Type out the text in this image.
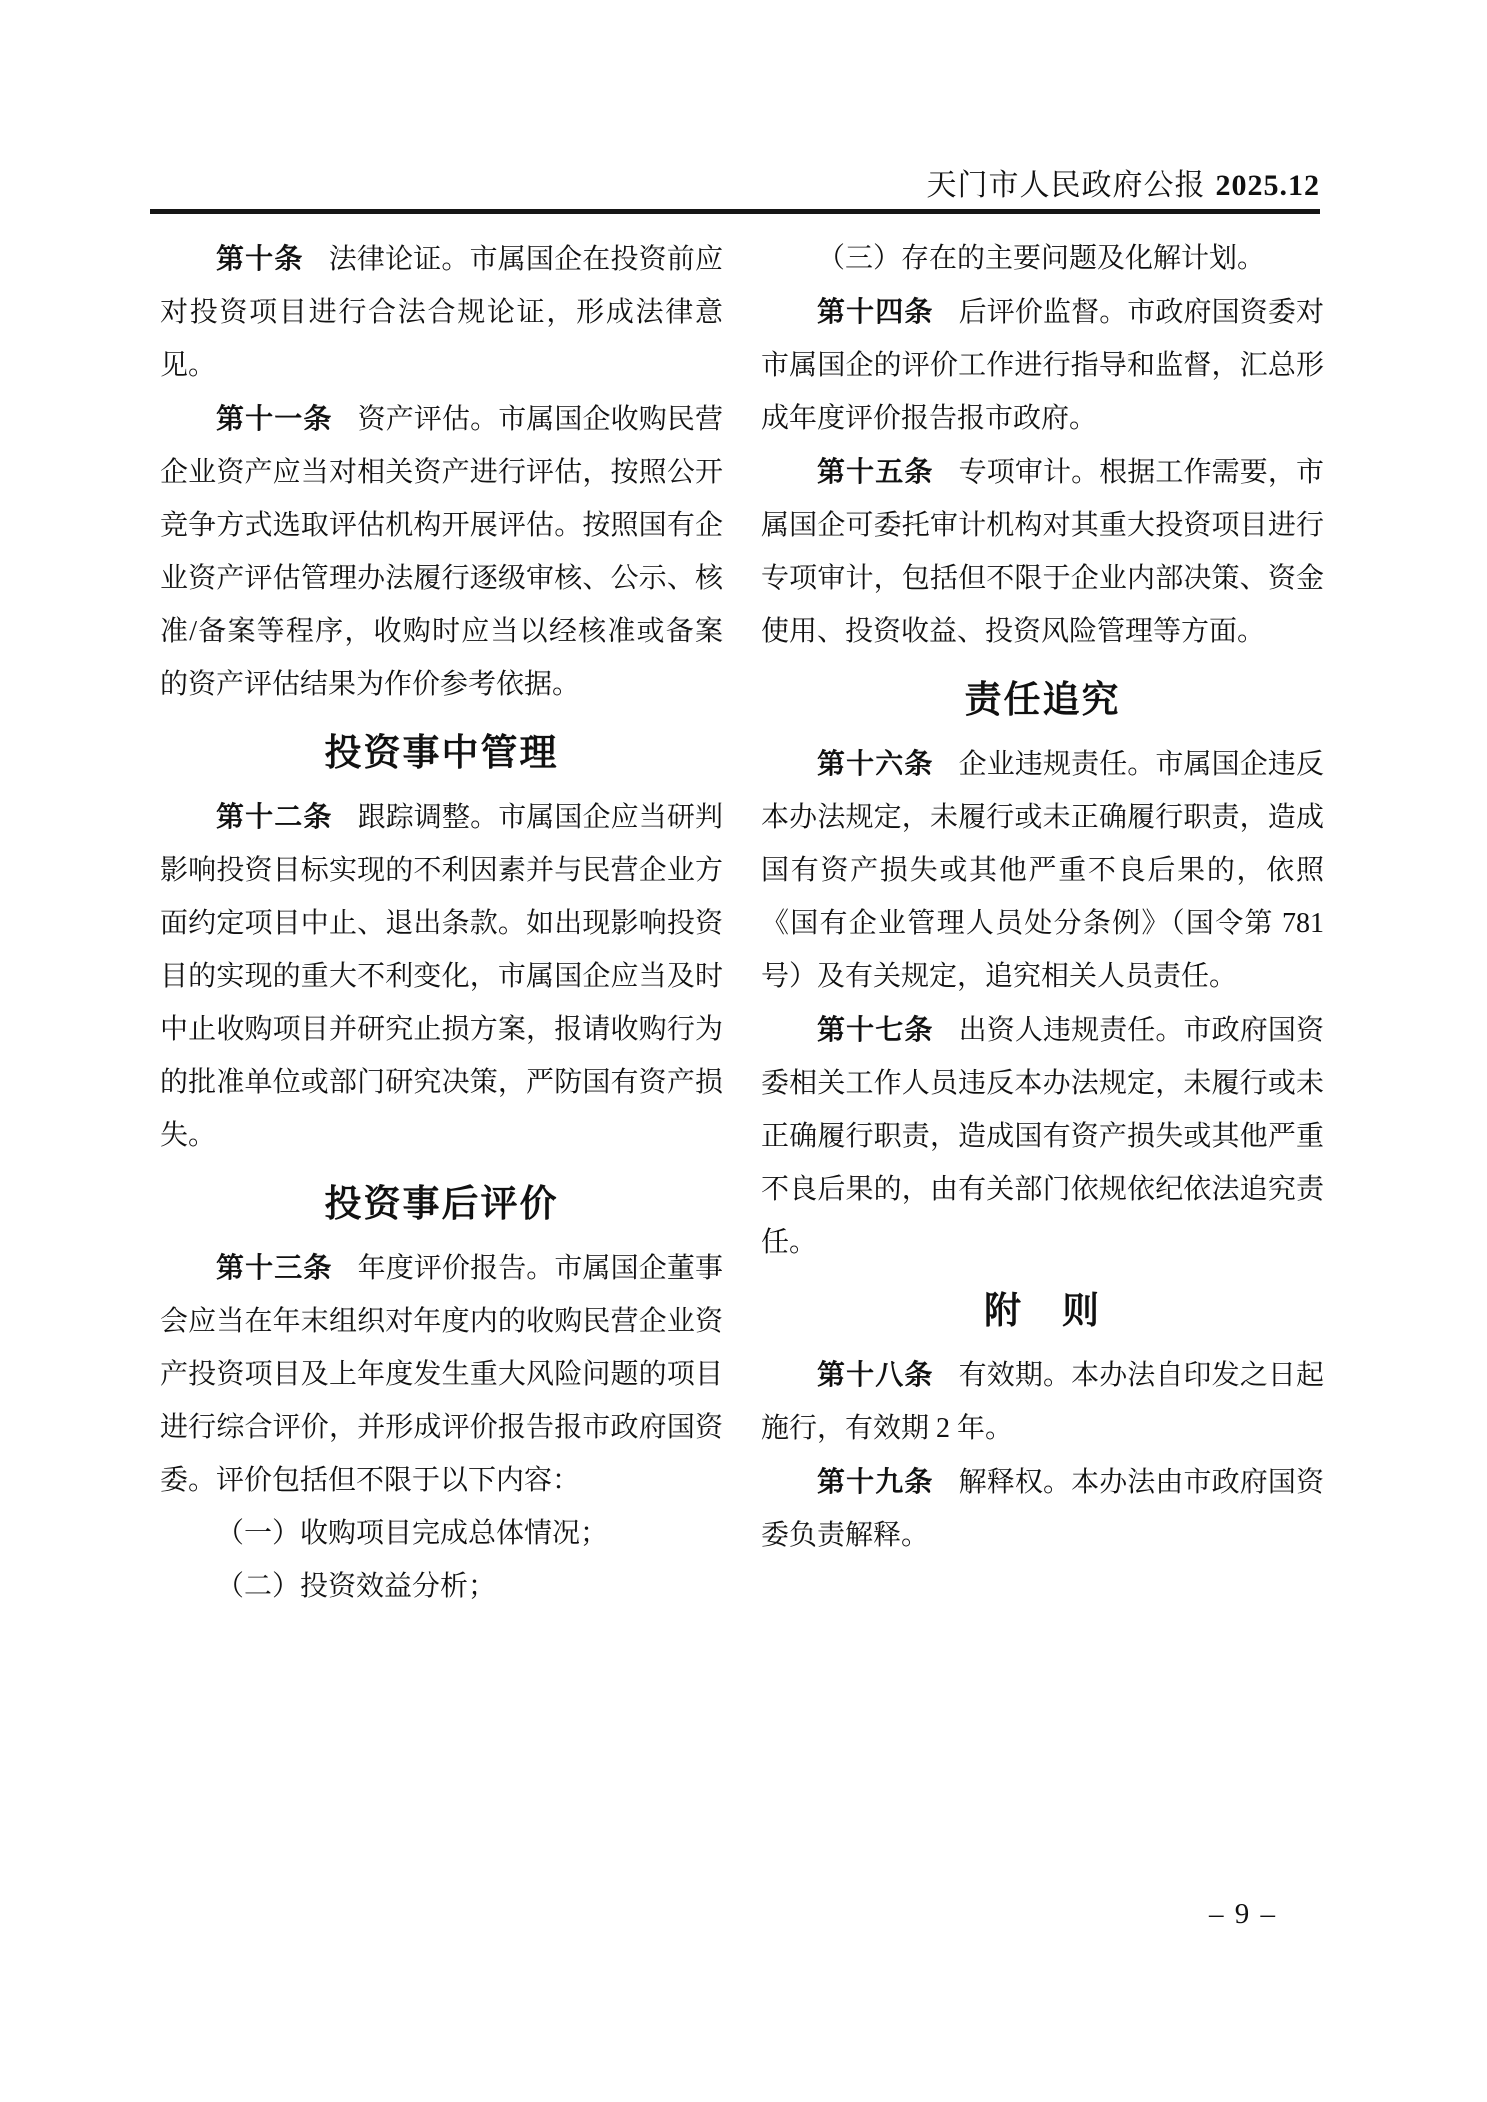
天门市人民政府公报 2025.12

第十条 法律论证。市属国企在投资前应对投资项目进行合法合规论证，形成法律意见。

第十一条 资产评估。市属国企收购民营企业资产应当对相关资产进行评估，按照公开竞争方式选取评估机构开展评估。按照国有企业资产评估管理办法履行逐级审核、公示、核准/备案等程序，收购时应当以经核准或备案的资产评估结果为作价参考依据。

投资事中管理

第十二条 跟踪调整。市属国企应当研判影响投资目标实现的不利因素并与民营企业方面约定项目中止、退出条款。如出现影响投资目的实现的重大不利变化，市属国企应当及时中止收购项目并研究止损方案，报请收购行为的批准单位或部门研究决策，严防国有资产损失。

投资事后评价

第十三条 年度评价报告。市属国企董事会应当在年末组织对年度内的收购民营企业资产投资项目及上年度发生重大风险问题的项目进行综合评价，并形成评价报告报市政府国资委。评价包括但不限于以下内容：

（一）收购项目完成总体情况；

（二）投资效益分析；

（三）存在的主要问题及化解计划。

第十四条 后评价监督。市政府国资委对市属国企的评价工作进行指导和监督，汇总形成年度评价报告报市政府。

第十五条 专项审计。根据工作需要，市属国企可委托审计机构对其重大投资项目进行专项审计，包括但不限于企业内部决策、资金使用、投资收益、投资风险管理等方面。

责任追究

第十六条 企业违规责任。市属国企违反本办法规定，未履行或未正确履行职责，造成国有资产损失或其他严重不良后果的，依照《国有企业管理人员处分条例》（国令第 781 号）及有关规定，追究相关人员责任。

第十七条 出资人违规责任。市政府国资委相关工作人员违反本办法规定，未履行或未正确履行职责，造成国有资产损失或其他严重不良后果的，由有关部门依规依纪依法追究责任。

附　则

第十八条 有效期。本办法自印发之日起施行，有效期 2 年。

第十九条 解释权。本办法由市政府国资委负责解释。

– 9 –
